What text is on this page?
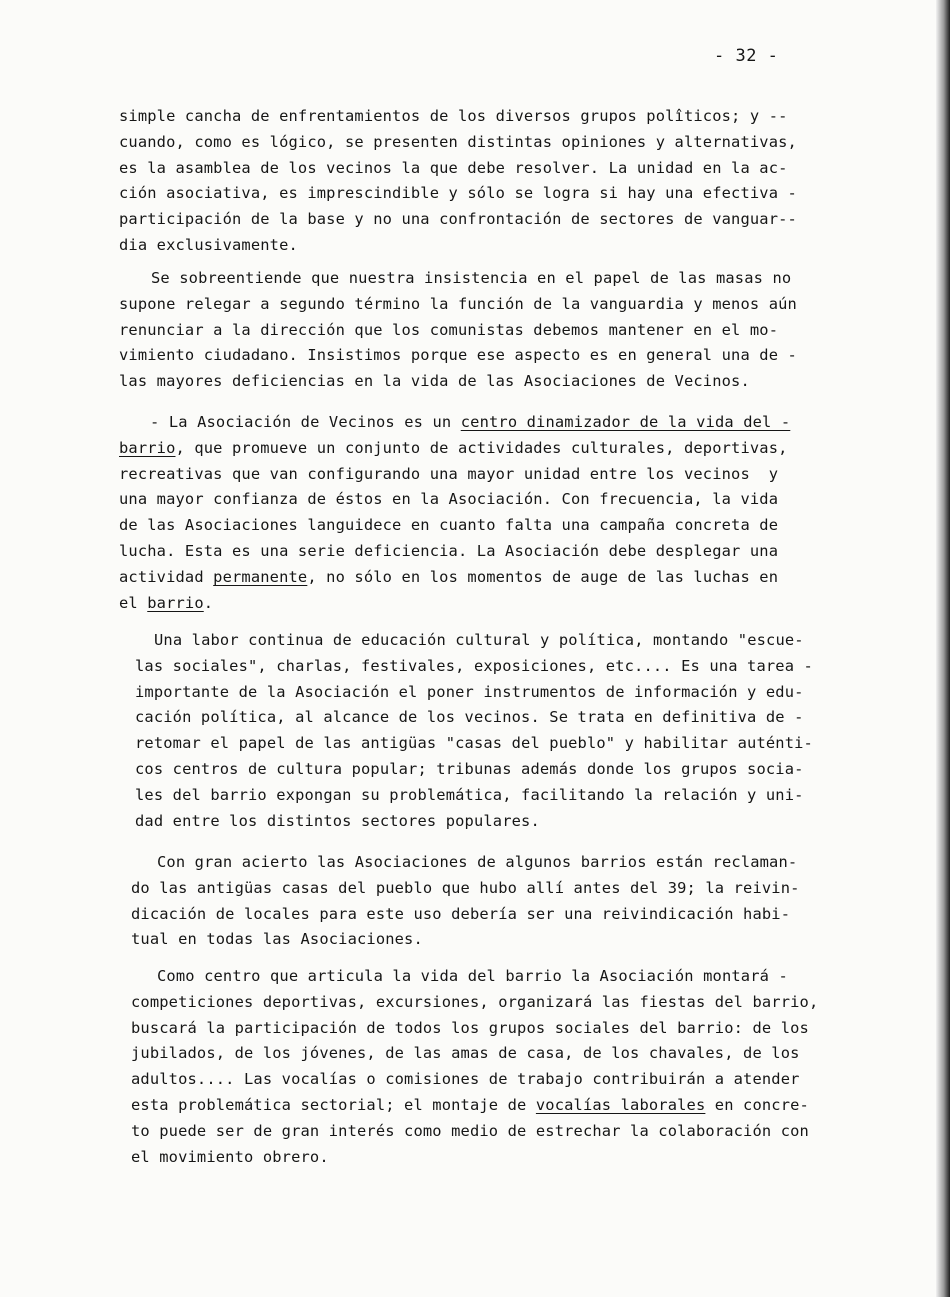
- 32 -
simple cancha de enfrentamientos de los diversos grupos polîticos; y --
cuando, como es lógico, se presenten distintas opiniones y alternativas,
es la asamblea de los vecinos la que debe resolver. La unidad en la ac-
ción asociativa, es imprescindible y sólo se logra si hay una efectiva -
participación de la base y no una confrontación de sectores de vanguar--
dia exclusivamente.
Se sobreentiende que nuestra insistencia en el papel de las masas no
supone relegar a segundo término la función de la vanguardia y menos aún
renunciar a la dirección que los comunistas debemos mantener en el mo-
vimiento ciudadano. Insistimos porque ese aspecto es en general una de -
las mayores deficiencias en la vida de las Asociaciones de Vecinos.
- La Asociación de Vecinos es un centro dinamizador de la vida del -
barrio, que promueve un conjunto de actividades culturales, deportivas,
recreativas que van configurando una mayor unidad entre los vecinos  y
una mayor confianza de éstos en la Asociación. Con frecuencia, la vida
de las Asociaciones languidece en cuanto falta una campaña concreta de
lucha. Esta es una serie deficiencia. La Asociación debe desplegar una
actividad permanente, no sólo en los momentos de auge de las luchas en
el barrio.
Una labor continua de educación cultural y política, montando "escue-
las sociales", charlas, festivales, exposiciones, etc.... Es una tarea -
importante de la Asociación el poner instrumentos de información y edu-
cación política, al alcance de los vecinos. Se trata en definitiva de -
retomar el papel de las antigüas "casas del pueblo" y habilitar auténti-
cos centros de cultura popular; tribunas además donde los grupos socia-
les del barrio expongan su problemática, facilitando la relación y uni-
dad entre los distintos sectores populares.
Con gran acierto las Asociaciones de algunos barrios están reclaman-
do las antigüas casas del pueblo que hubo allí antes del 39; la reivin-
dicación de locales para este uso debería ser una reivindicación habi-
tual en todas las Asociaciones.
Como centro que articula la vida del barrio la Asociación montará -
competiciones deportivas, excursiones, organizará las fiestas del barrio,
buscará la participación de todos los grupos sociales del barrio: de los
jubilados, de los jóvenes, de las amas de casa, de los chavales, de los
adultos.... Las vocalías o comisiones de trabajo contribuirán a atender
esta problemática sectorial; el montaje de vocalías laborales en concre-
to puede ser de gran interés como medio de estrechar la colaboración con
el movimiento obrero.
